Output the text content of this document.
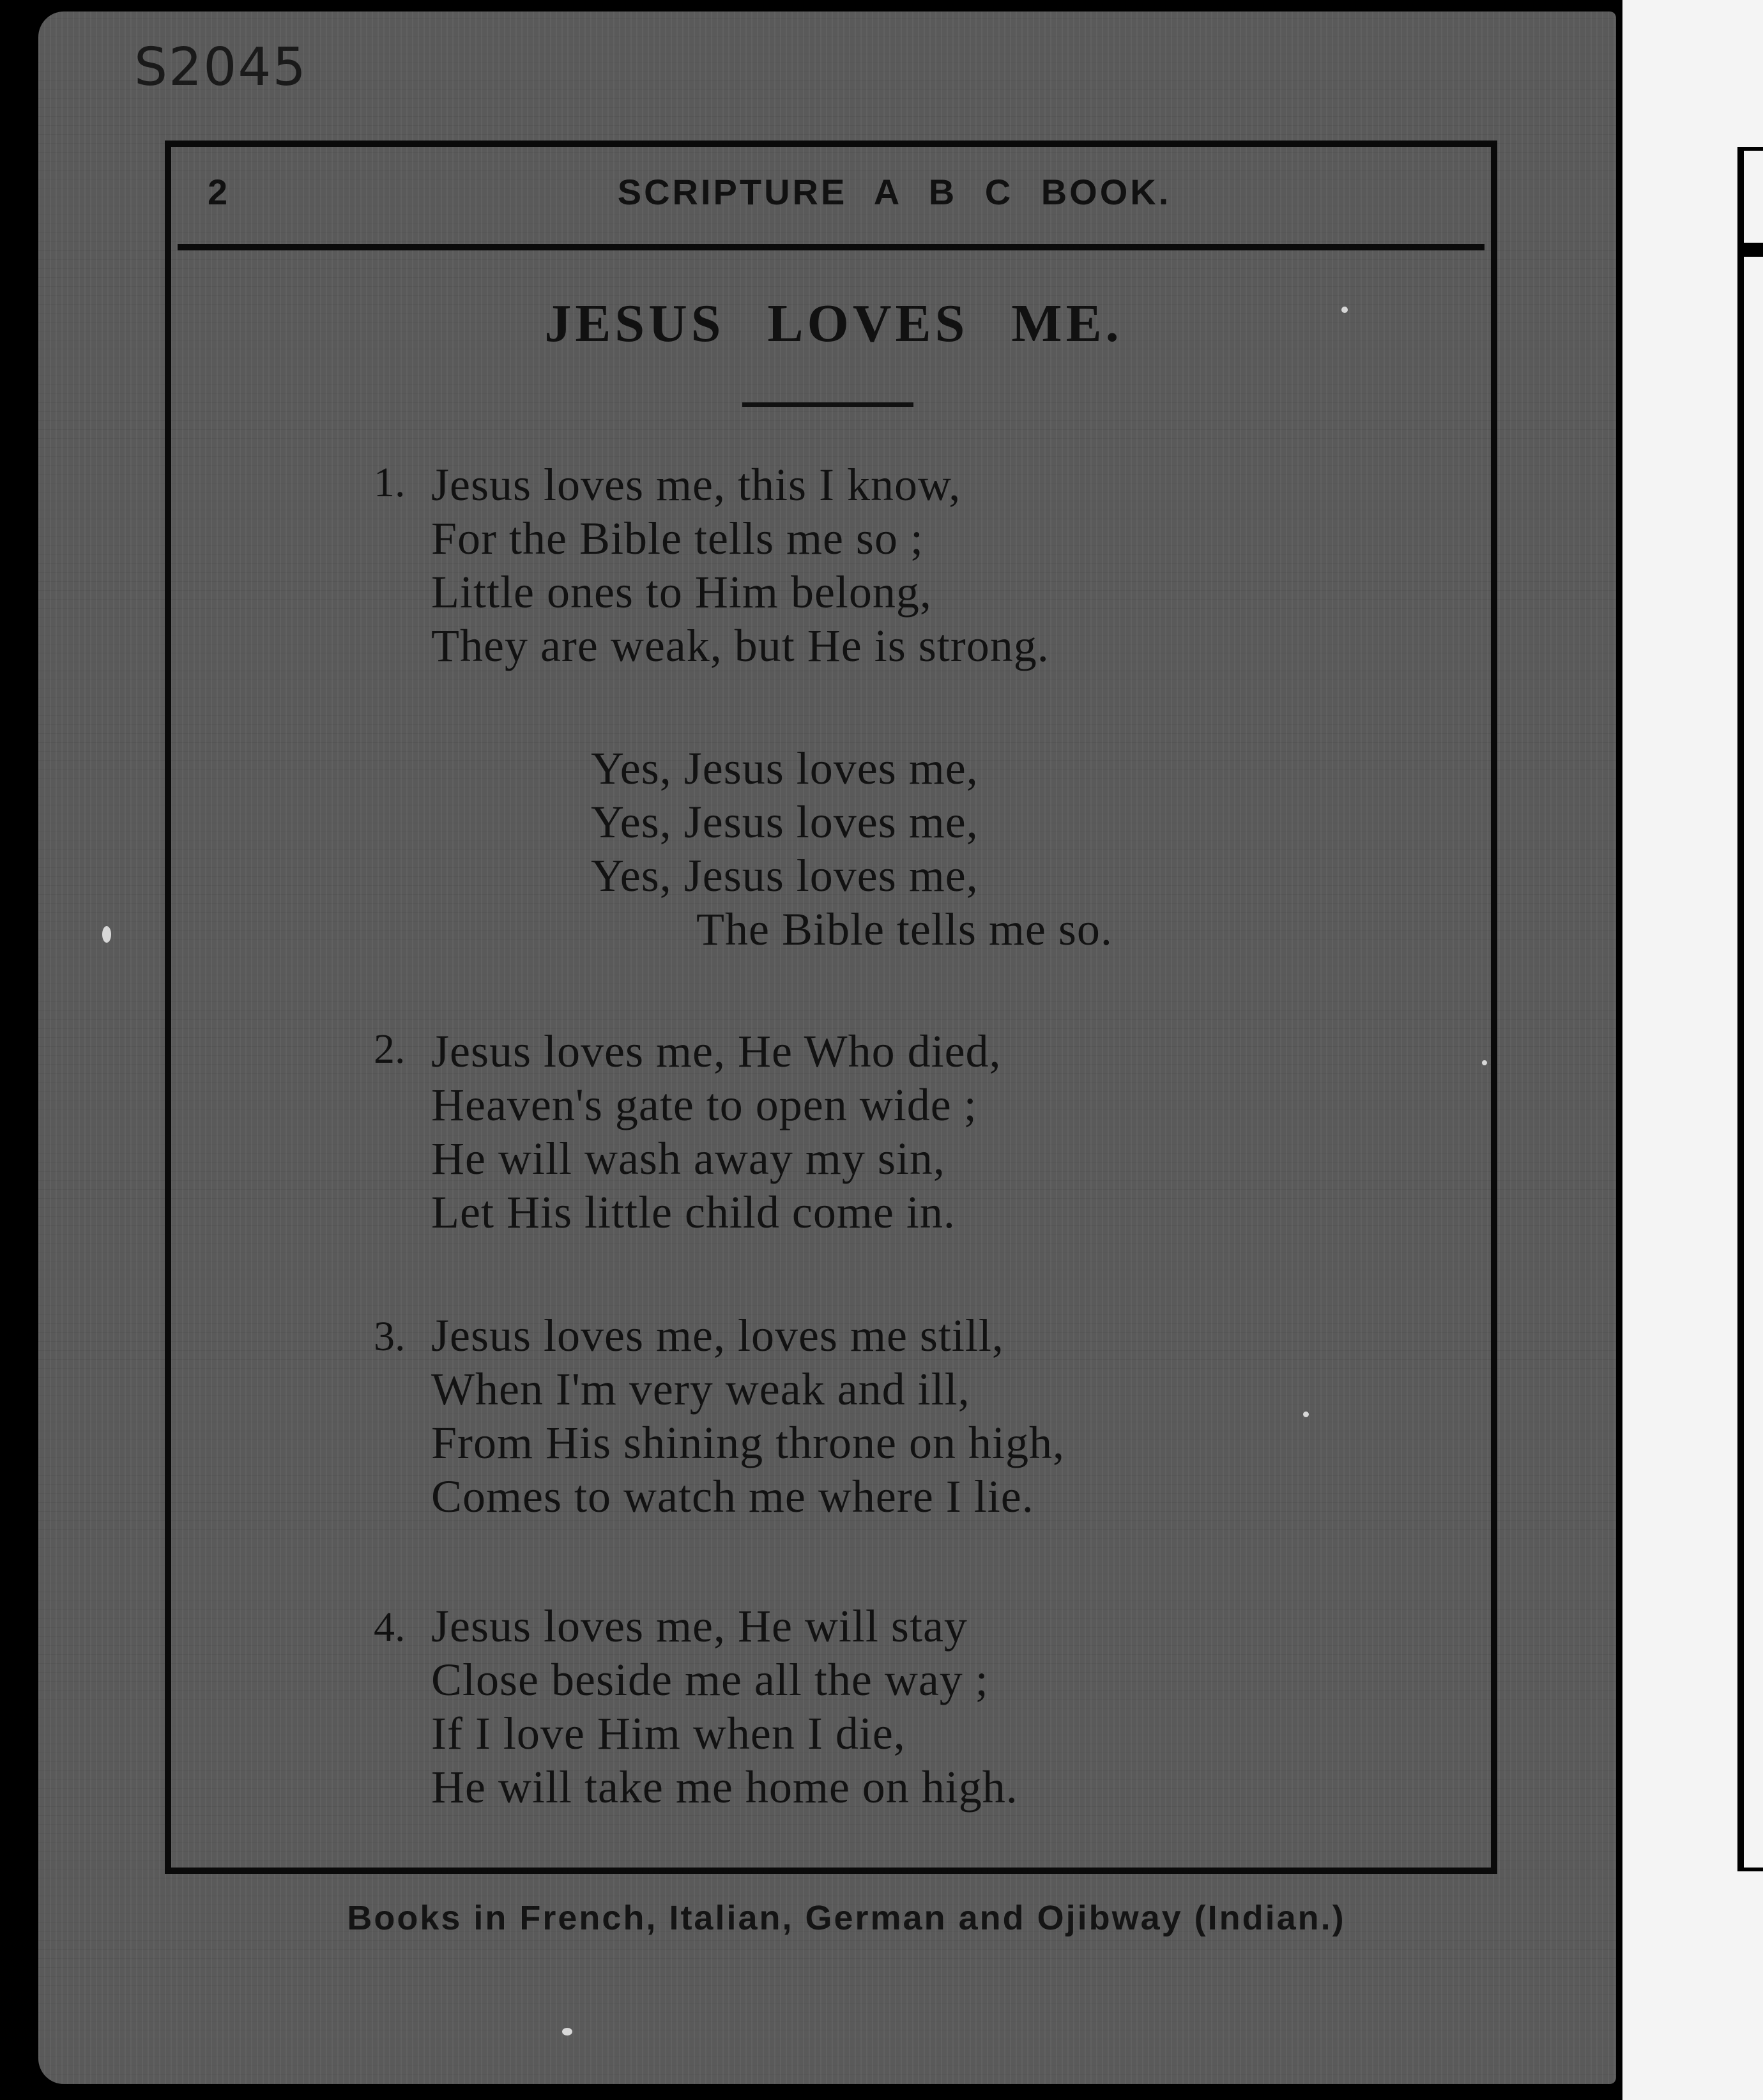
S2045

2	SCRIPTURE A B C BOOK.

JESUS LOVES ME.

1. Jesus loves me, this I know,

For the Bible tells me so ;

Little ones to Him belong,

They are weak, but He is strong.

Yes, Jesus loves me,

Yes, Jesus loves me,

Yes, Jesus loves me,

The Bible tells me so.

2. Jesus loves me, He Who died,

Heaven's gate to open wide ;

He will wash away my sin,

Let His little child come in.

3. Jesus loves me, loves me still,

When I'm very weak and ill,

From His shining throne on high,

Comes to watch me where I lie.

4. Jesus loves me, He will stay

Close beside me all the way ;

If I love Him when I die,

He will take me home on high.

Books in French, Italian, German and Ojibway (Indian.)
